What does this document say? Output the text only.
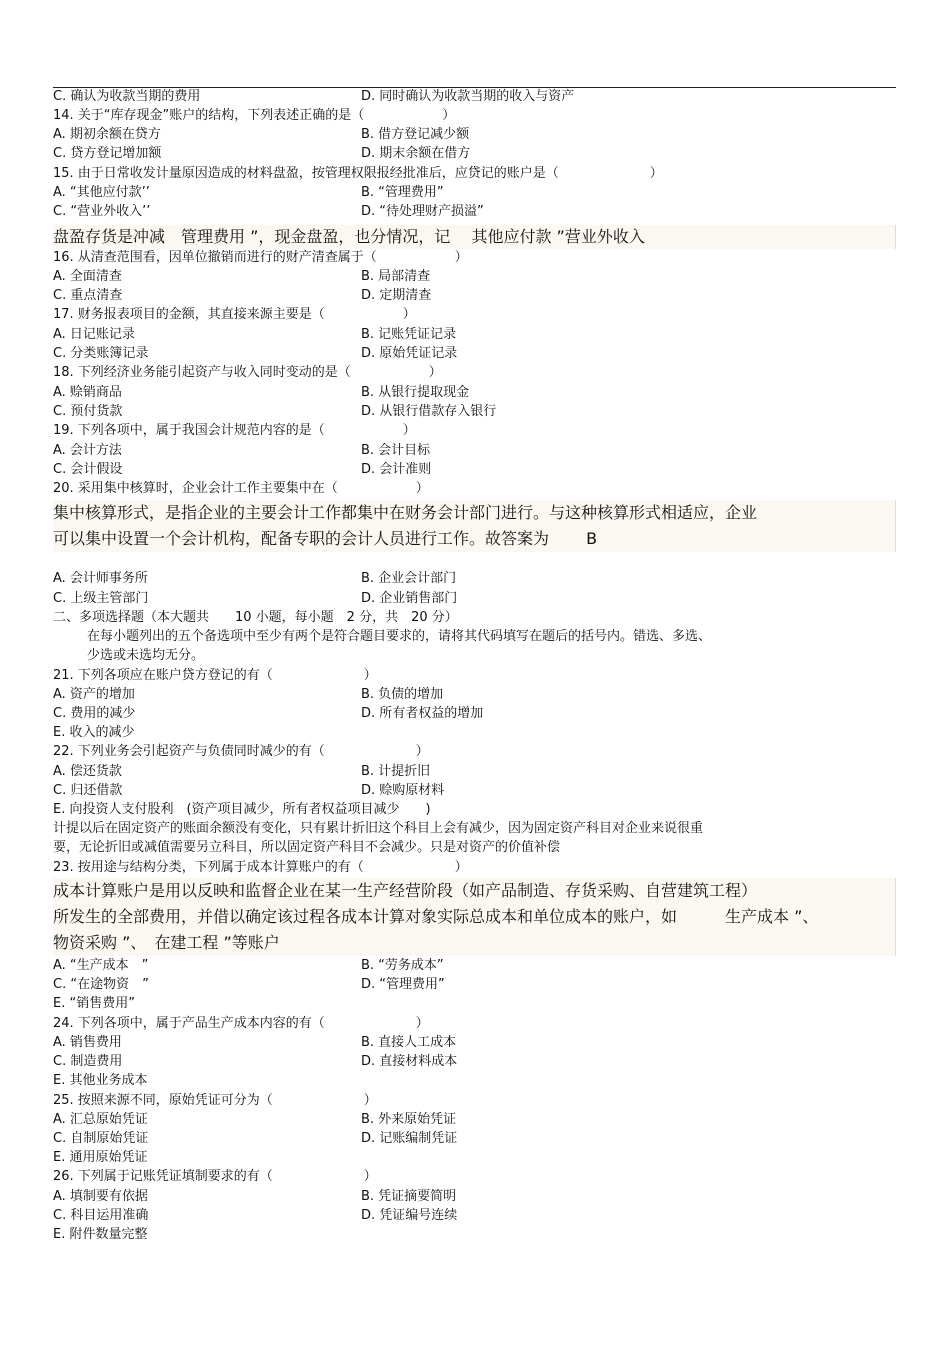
C. 确认为收款当期的费用	D. 同时确认为收款当期的收入与资产
14. 关于“库存现金”账户的结构，下列表述正确的是（　　　　　　）
A. 期初余额在贷方	B. 借方登记减少额
C. 贷方登记增加额	D. 期末余额在借方
15. 由于日常收发计量原因造成的材料盘盈，按管理权限报经批准后，应贷记的账户是（　　　　　　　）
A. “其他应付款’’	B. “管理费用”
C. “营业外收入’’	D. “待处理财产损溢”
盘盈存货是冲减　管理费用 ”，现金盘盈，也分情况，记　 其他应付款 ”营业外收入
16. 从清查范围看，因单位撤销而进行的财产清查属于（　　　　　　）
A. 全面清查	B. 局部清查
C. 重点清查	D. 定期清查
17. 财务报表项目的金额，其直接来源主要是（　　　　　　）
A. 日记账记录	B. 记账凭证记录
C. 分类账簿记录	D. 原始凭证记录
18. 下列经济业务能引起资产与收入同时变动的是（　　　　　　）
A. 赊销商品	B. 从银行提取现金
C. 预付货款	D. 从银行借款存入银行
19. 下列各项中，属于我国会计规范内容的是（　　　　　　）
A. 会计方法	B. 会计目标
C. 会计假设	D. 会计准则
20. 采用集中核算时，企业会计工作主要集中在（　　　　　　）
集中核算形式，是指企业的主要会计工作都集中在财务会计部门进行。与这种核算形式相适应，企业
可以集中设置一个会计机构，配备专职的会计人员进行工作。故答案为　　 B
A. 会计师事务所	B. 企业会计部门
C. 上级主管部门	D. 企业销售部门
二、多项选择题（本大题共　　10 小题，每小题　2 分，共　20 分）
在每小题列出的五个备选项中至少有两个是符合题目要求的，请将其代码填写在题后的括号内。错选、多选、
少选或未选均无分。
21. 下列各项应在账户贷方登记的有（　　　　　　　）
A. 资产的增加	B. 负债的增加
C. 费用的减少	D. 所有者权益的增加
E. 收入的减少
22. 下列业务会引起资产与负债同时减少的有（　　　　　　　）
A. 偿还货款	B. 计提折旧
C. 归还借款	D. 赊购原材料
E. 向投资人支付股利　(资产项目减少，所有者权益项目减少　　)
计提以后在固定资产的账面余额没有变化，只有累计折旧这个科目上会有减少，因为固定资产科目对企业来说很重
要，无论折旧或减值需要另立科目，所以固定资产科目不会减少。只是对资产的价值补偿
23. 按用途与结构分类，下列属于成本计算账户的有（　　　　　　　）
成本计算账户是用以反映和监督企业在某一生产经营阶段（如产品制造、存货采购、自营建筑工程）
所发生的全部费用，并借以确定该过程各成本计算对象实际总成本和单位成本的账户，如　　　生产成本 ”、
物资采购 ”、　在建工程 ”等账户
A. “生产成本　”	B. “劳务成本”
C. “在途物资　”	D. “管理费用”
E. “销售费用”
24. 下列各项中，属于产品生产成本内容的有（　　　　　　　）
A. 销售费用	B. 直接人工成本
C. 制造费用	D. 直接材料成本
E. 其他业务成本
25. 按照来源不同，原始凭证可分为（　　　　　　　）
A. 汇总原始凭证	B. 外来原始凭证
C. 自制原始凭证	D. 记账编制凭证
E. 通用原始凭证
26. 下列属于记账凭证填制要求的有（　　　　　　　）
A. 填制要有依据	B. 凭证摘要简明
C. 科目运用准确	D. 凭证编号连续
E. 附件数量完整
